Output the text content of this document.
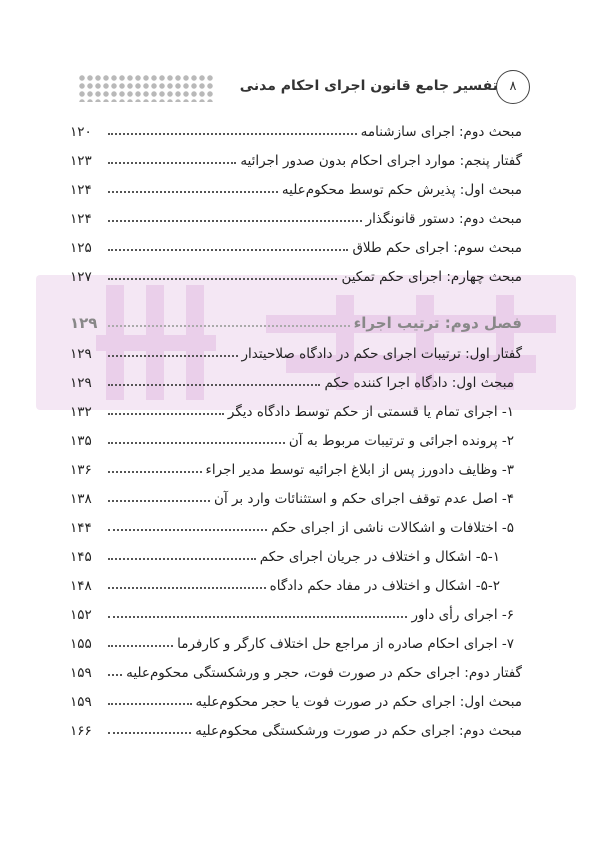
تفسیر جامع قانون اجرای احکام مدنی ۸
مبحث دوم: اجرای سازشنامه
۱۲۰
گفتار پنجم: موارد اجرای احکام بدون صدور اجرائیه
۱۲۳
مبحث اول: پذیرش حکم توسط محکوم‌علیه
۱۲۴
مبحث دوم: دستور قانونگذار
۱۲۴
مبحث سوم: اجرای حکم طلاق
۱۲۵
مبحث چهارم: اجرای حکم تمکین
۱۲۷
فصل دوم: ترتیب اجراء
۱۲۹
گفتار اول: ترتیبات اجرای حکم در دادگاه صلاحیتدار
۱۲۹
مبحث اول: دادگاه اجرا کننده حکم
۱۲۹
۱- اجرای تمام یا قسمتی از حکم توسط دادگاه دیگر
۱۳۲
۲- پرونده اجرائی و ترتیبات مربوط به آن
۱۳۵
۳- وظایف دادورز پس از ابلاغ اجرائیه توسط مدیر اجراء
۱۳۶
۴- اصل عدم توقف اجرای حکم و استثنائات وارد بر آن
۱۳۸
۵- اختلافات و اشکالات ناشی از اجرای حکم
۱۴۴
۵-۱- اشکال و اختلاف در جریان اجرای حکم
۱۴۵
۵-۲- اشکال و اختلاف در مفاد حکم دادگاه
۱۴۸
۶- اجرای رأی داور
۱۵۲
۷- اجرای احکام صادره از مراجع حل اختلاف کارگر و کارفرما
۱۵۵
گفتار دوم: اجرای حکم در صورت فوت، حجر و ورشکستگی محکوم‌علیه
۱۵۹
مبحث اول: اجرای حکم در صورت فوت یا حجر محکوم‌علیه
۱۵۹
مبحث دوم: اجرای حکم در صورت ورشکستگی محکوم‌علیه
۱۶۶
